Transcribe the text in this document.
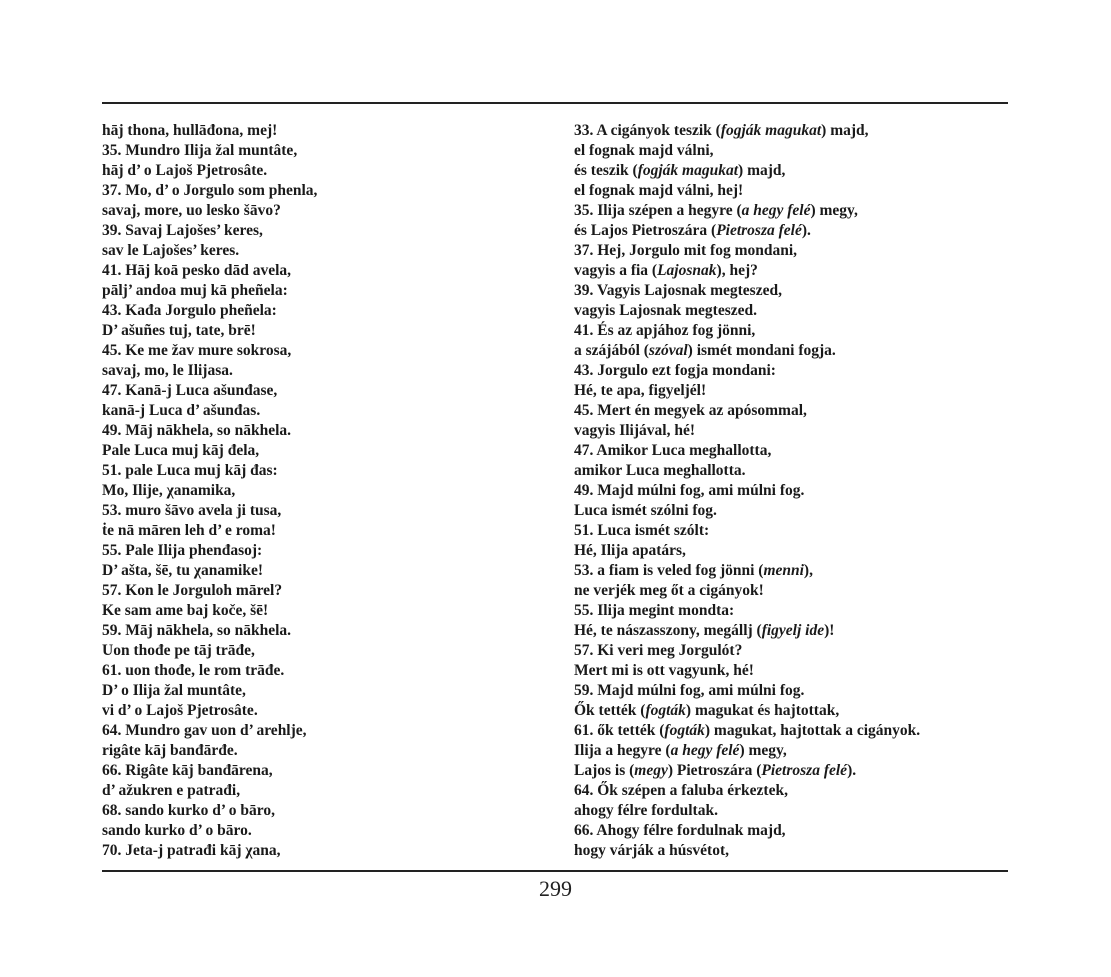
hāj thona, hullāđona, mej!
35. Mundro Ilija žal muntâte,
hāj d’ o Lajoš Pjetrosâte.
37. Mo, d’ o Jorgulo som phenla,
savaj, more, uo lesko šāvo?
39. Savaj Lajošes’ keres,
sav le Lajošes’ keres.
41. Hāj koā pesko dād avela,
pālj’ andoa muj kā pheñela:
43. Kađa Jorgulo pheñela:
D’ ašuñes tuj, tate, brē!
45. Ke me žav mure sokrosa,
savaj, mo, le Ilijasa.
47. Kanā-j Luca ašunđase,
kanā-j Luca d’ ašunđas.
49. Māj nākhela, so nākhela.
Pale Luca muj kāj đela,
51. pale Luca muj kāj đas:
Mo, Ilije, χanamika,
53. muro šāvo avela ji tusa,
ṫe nā māren leh d’ e roma!
55. Pale Ilija phenđasoj:
D’ ašta, šē, tu χanamike!
57. Kon le Jorguloh mārel?
Ke sam ame baj koče, šē!
59. Māj nākhela, so nākhela.
Uon thođe pe tāj trāđe,
61. uon thođe, le rom trāđe.
D’ o Ilija žal muntâte,
vi d’ o Lajoš Pjetrosâte.
64. Mundro gav uon d’ arehlje,
rigâte kāj banđārđe.
66. Rigâte kāj banđārena,
d’ ažukren e patrađi,
68. sando kurko d’ o bāro,
sando kurko d’ o bāro.
70. Jeta-j patrađi kāj χana,
33. A cigányok teszik (fogják magukat) majd,
el fognak majd válni,
és teszik (fogják magukat) majd,
el fognak majd válni, hej!
35. Ilija szépen a hegyre (a hegy felé) megy,
és Lajos Pietroszára (Pietrosza felé).
37. Hej, Jorgulo mit fog mondani,
vagyis a fia (Lajosnak), hej?
39. Vagyis Lajosnak megteszed,
vagyis Lajosnak megteszed.
41. És az apjához fog jönni,
a szájából (szóval) ismét mondani fogja.
43. Jorgulo ezt fogja mondani:
Hé, te apa, figyeljél!
45. Mert én megyek az apósommal,
vagyis Ilijával, hé!
47. Amikor Luca meghallotta,
amikor Luca meghallotta.
49. Majd múlni fog, ami múlni fog.
Luca ismét szólni fog.
51. Luca ismét szólt:
Hé, Ilija apatárs,
53. a fiam is veled fog jönni (menni),
ne verjék meg őt a cigányok!
55. Ilija megint mondta:
Hé, te nászasszony, megállj (figyelj ide)!
57. Ki veri meg Jorgulót?
Mert mi is ott vagyunk, hé!
59. Majd múlni fog, ami múlni fog.
Ők tették (fogták) magukat és hajtottak,
61. ők tették (fogták) magukat, hajtottak a cigányok.
Ilija a hegyre (a hegy felé) megy,
Lajos is (megy) Pietroszára (Pietrosza felé).
64. Ők szépen a faluba érkeztek,
ahogy félre fordultak.
66. Ahogy félre fordulnak majd,
hogy várják a húsvétot,
299
